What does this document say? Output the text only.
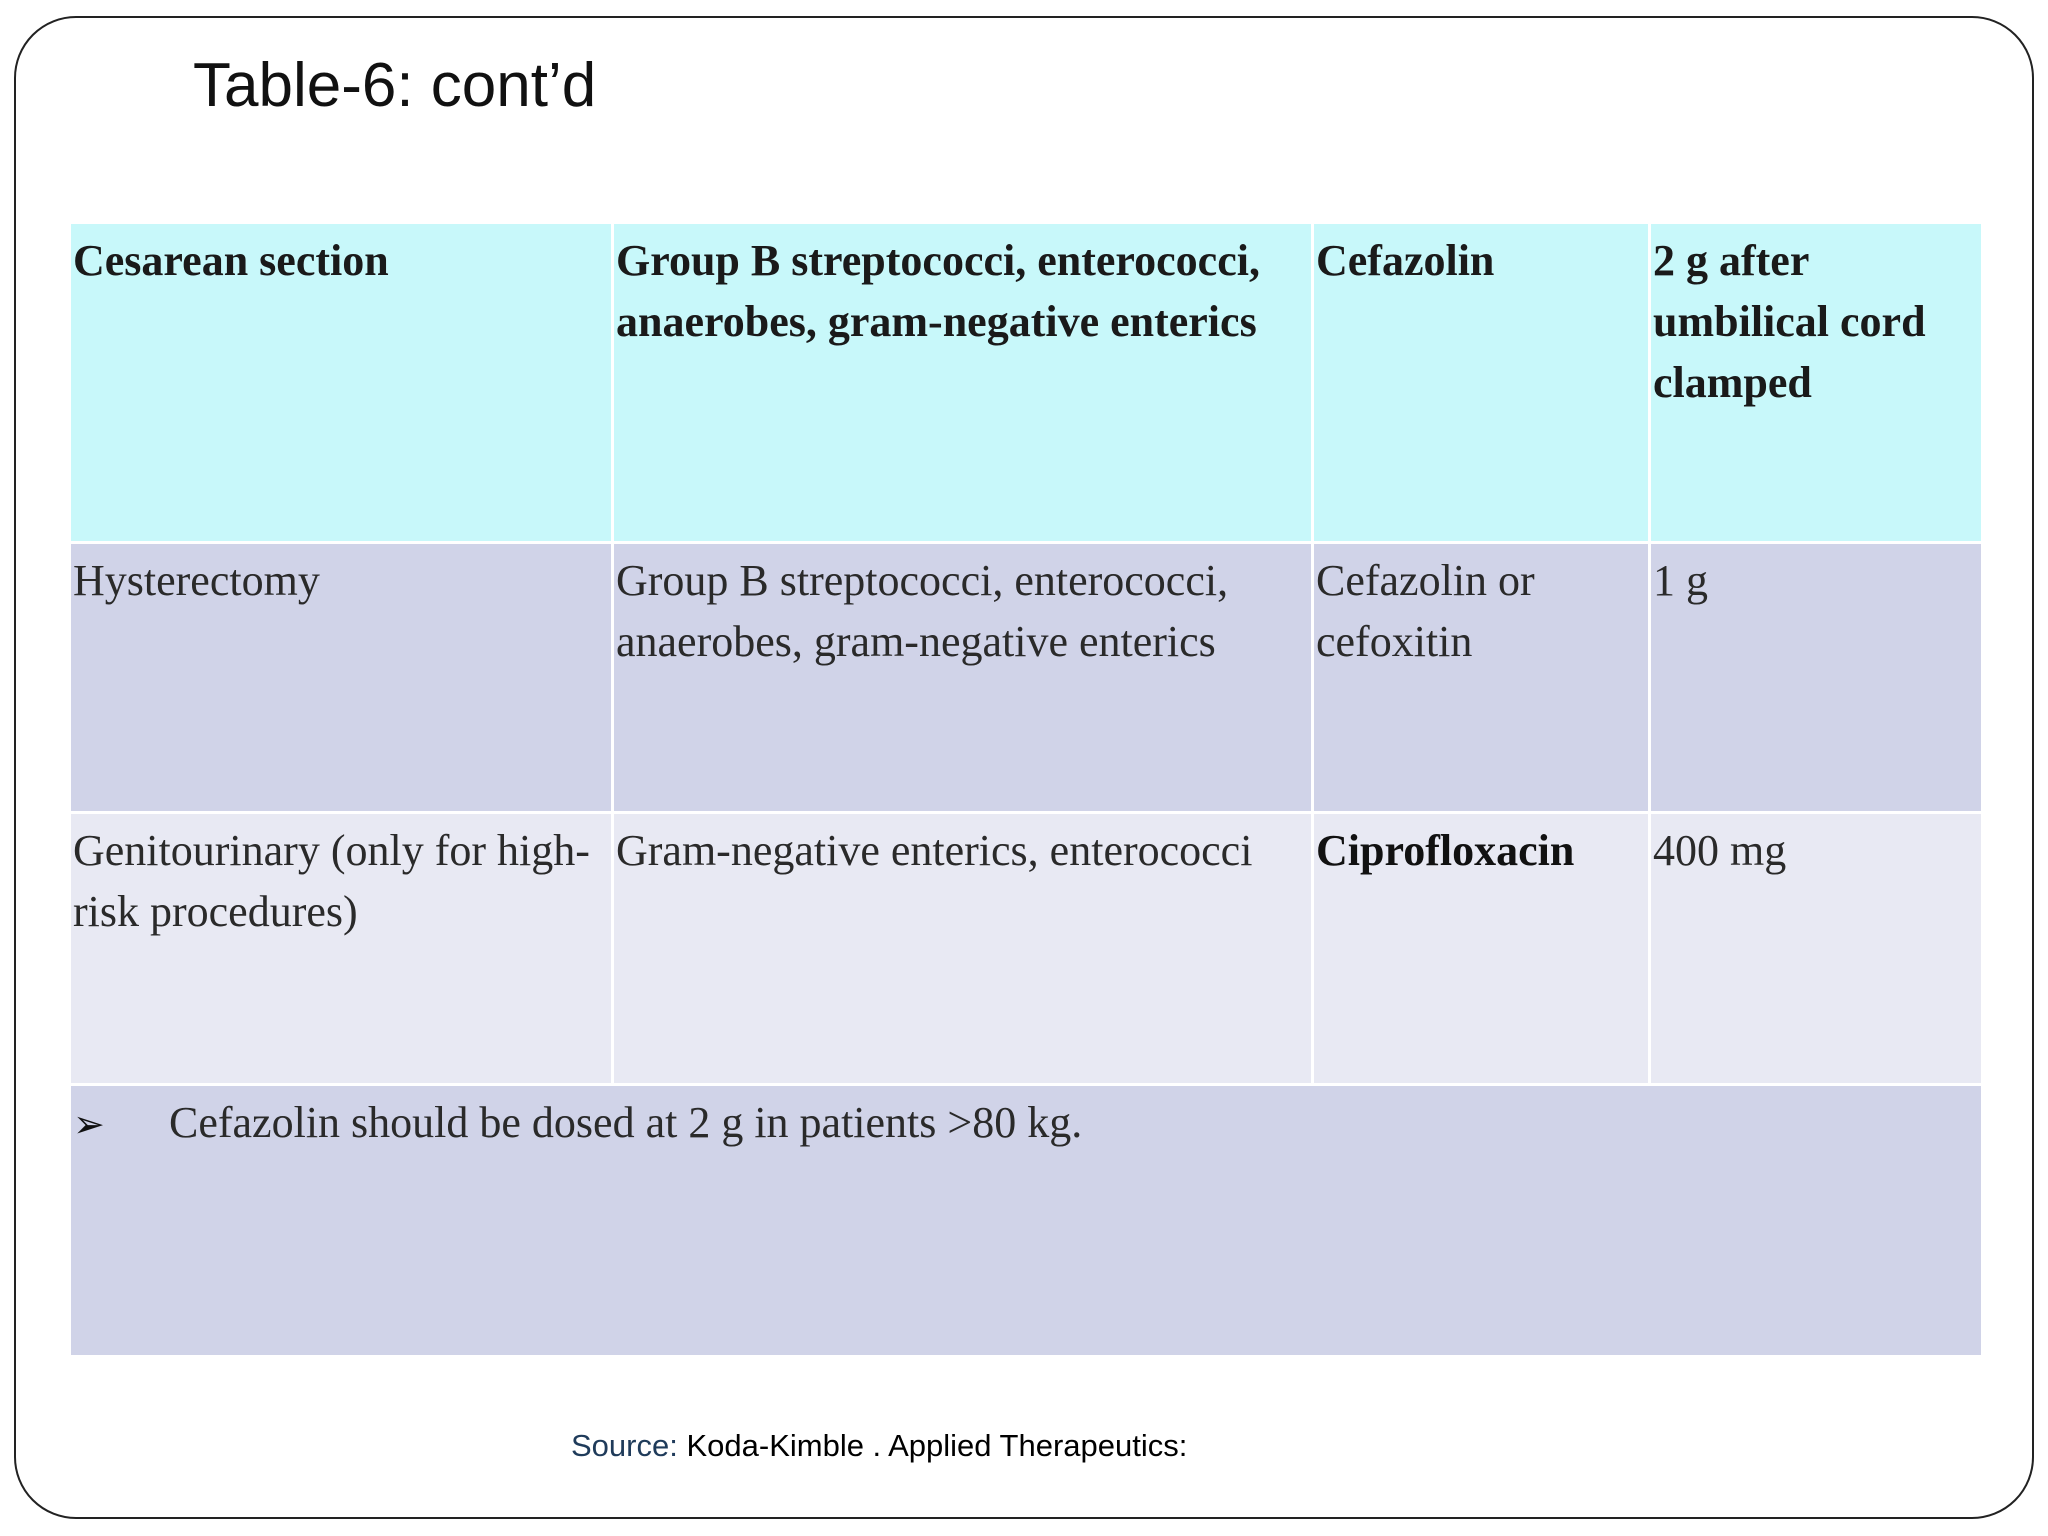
Table-6: cont’d
Cesarean section	Group B streptococci, enterococci, anaerobes, gram-negative enterics	Cefazolin	2 g after umbilical cord clamped
Hysterectomy	Group B streptococci, enterococci, anaerobes, gram-negative enterics	Cefazolin or cefoxitin	1 g
Genitourinary (only for high-risk procedures)	Gram-negative enterics, enterococci	Ciprofloxacin	400 mg
➢ Cefazolin should be dosed at 2 g in patients >80 kg.			
Source: Koda-Kimble . Applied Therapeutics:
